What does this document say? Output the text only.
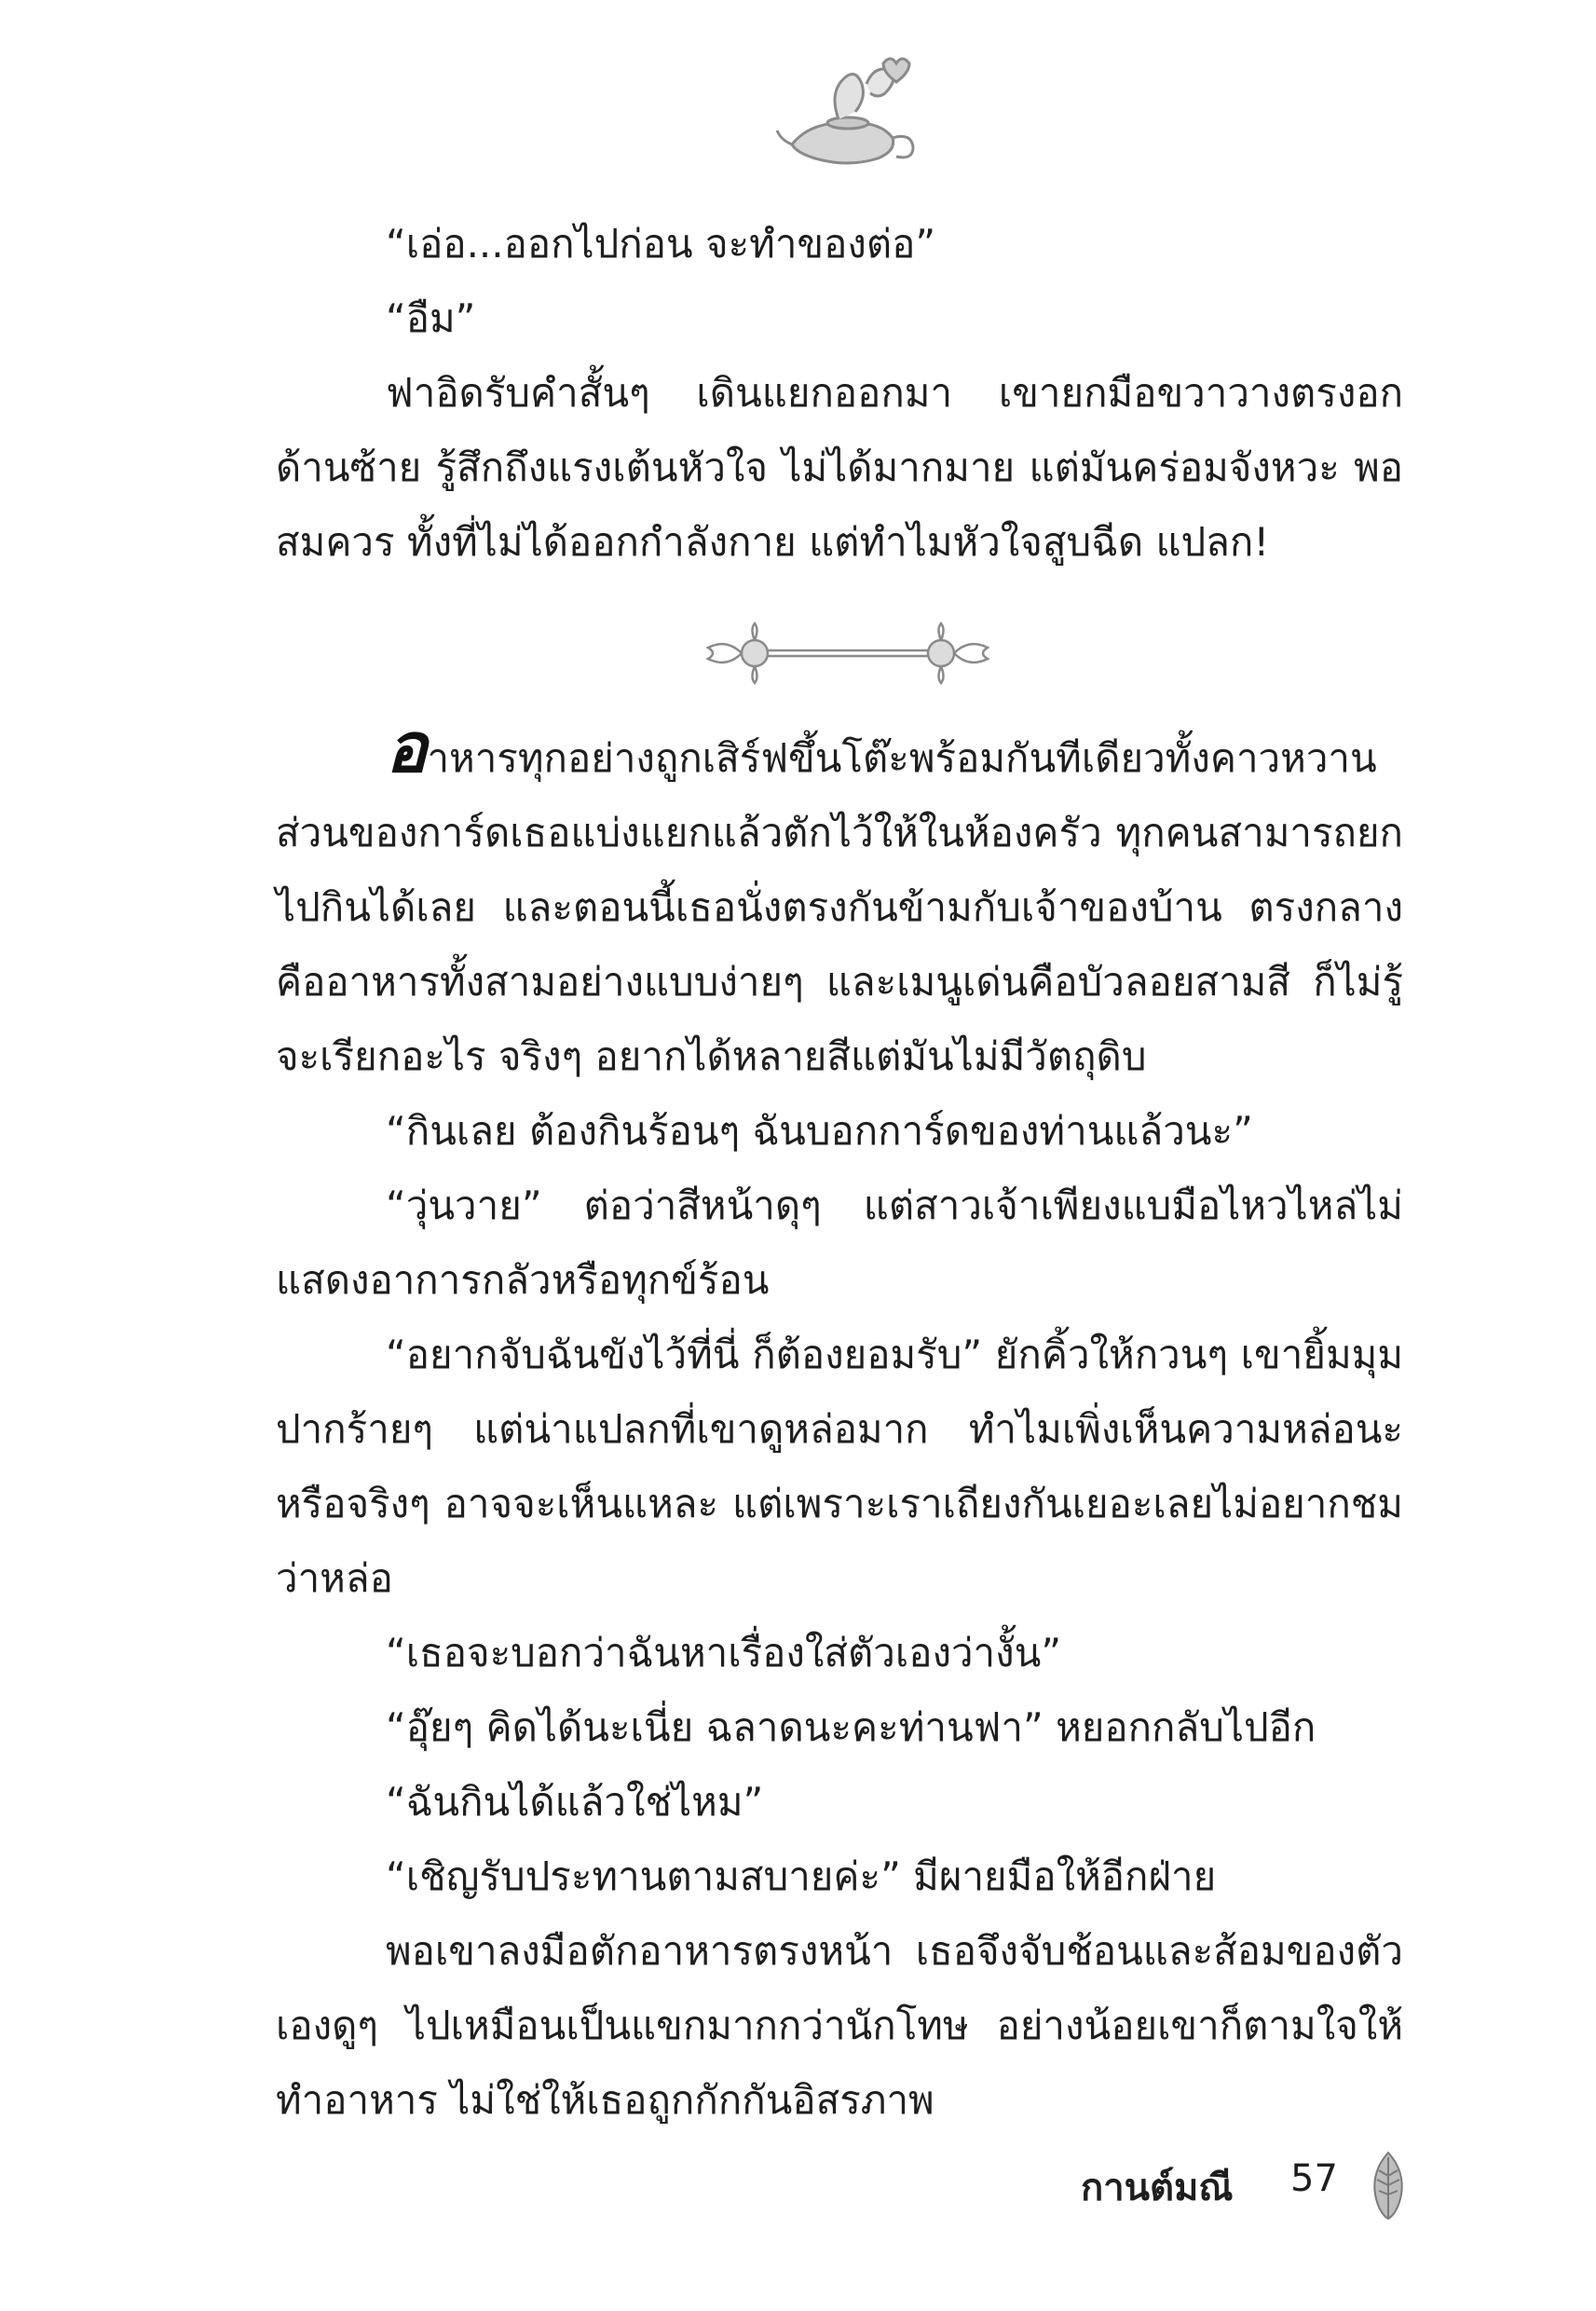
“เอ่อ...ออกไปก่อน จะทำของต่อ”

“อืม”

ฟาอิดรับคำสั้นๆ เดินแยกออกมา เขายกมือขวาวางตรงอก ด้านซ้าย รู้สึกถึงแรงเต้นหัวใจ ไม่ได้มากมาย แต่มันคร่อมจังหวะ พอสมควร ทั้งที่ไม่ได้ออกกำลังกาย แต่ทำไมหัวใจสูบฉีด แปลก!

อาหารทุกอย่างถูกเสิร์ฟขึ้นโต๊ะพร้อมกันทีเดียวทั้งคาวหวาน ส่วนของการ์ดเธอแบ่งแยกแล้วตักไว้ให้ในห้องครัว ทุกคนสามารถยกไปกินได้เลย และตอนนี้เธอนั่งตรงกันข้ามกับเจ้าของบ้าน ตรงกลางคืออาหารทั้งสามอย่างแบบง่ายๆ และเมนูเด่นคือบัวลอยสามสี ก็ไม่รู้จะเรียกอะไร จริงๆ อยากได้หลายสีแต่มันไม่มีวัตถุดิบ

“กินเลย ต้องกินร้อนๆ ฉันบอกการ์ดของท่านแล้วนะ”

“วุ่นวาย” ต่อว่าสีหน้าดุๆ แต่สาวเจ้าเพียงแบมือไหวไหล่ไม่แสดงอาการกลัวหรือทุกข์ร้อน

“อยากจับฉันขังไว้ที่นี่ ก็ต้องยอมรับ” ยักคิ้วให้กวนๆ เขายิ้มมุมปากร้ายๆ แต่น่าแปลกที่เขาดูหล่อมาก ทำไมเพิ่งเห็นความหล่อนะ หรือจริงๆ อาจจะเห็นแหละ แต่เพราะเราเถียงกันเยอะเลยไม่อยากชมว่าหล่อ

“เธอจะบอกว่าฉันหาเรื่องใส่ตัวเองว่างั้น”

“อุ๊ยๆ คิดได้นะเนี่ย ฉลาดนะคะท่านฟา” หยอกกลับไปอีก

“ฉันกินได้แล้วใช่ไหม”

“เชิญรับประทานตามสบายค่ะ” มีผายมือให้อีกฝ่าย

พอเขาลงมือตักอาหารตรงหน้า เธอจึงจับช้อนและส้อมของตัวเองดูๆ ไปเหมือนเป็นแขกมากกว่านักโทษ อย่างน้อยเขาก็ตามใจให้ทำอาหาร ไม่ใช่ให้เธอถูกกักกันอิสรภาพ

กานต์มณี 57
